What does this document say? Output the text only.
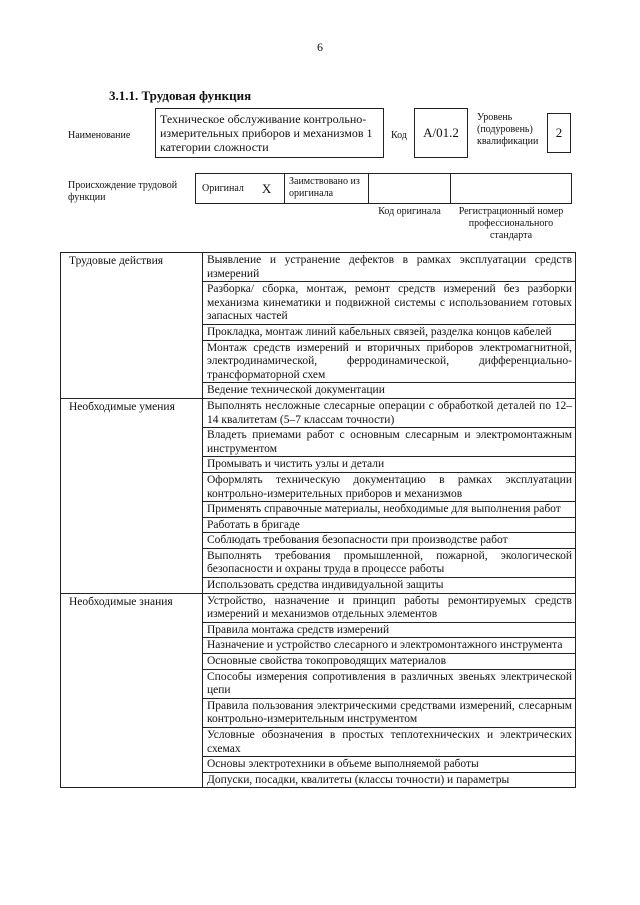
6
3.1.1. Трудовая функция
Наименование
Техническое обслуживание контрольно-измерительных приборов и механизмов 1 категории сложности
Код	А/01.2
Уровень (подуровень) квалификации
2
Происхождение трудовой функции
Оригинал X	Заимствовано из оригинала
Код оригинала	Регистрационный номер профессионального стандарта
Трудовые действия	Выявление и устранение дефектов в рамках эксплуатации средств измерений
	Разборка/ сборка, монтаж, ремонт средств измерений без разборки механизма кинематики и подвижной системы с использованием готовых запасных частей
	Прокладка, монтаж линий кабельных связей, разделка концов кабелей
	Монтаж средств измерений и вторичных приборов электромагнитной, электродинамической, ферродинамической, дифференциально-трансформаторной схем
	Ведение технической документации
Необходимые умения	Выполнять несложные слесарные операции с обработкой деталей по 12–14 квалитетам (5–7 классам точности)
	Владеть приемами работ с основным слесарным и электромонтажным инструментом
	Промывать и чистить узлы и детали
	Оформлять техническую документацию в рамках эксплуатации контрольно-измерительных приборов и механизмов
	Применять справочные материалы, необходимые для выполнения работ
	Работать в бригаде
	Соблюдать требования безопасности при производстве работ
	Выполнять требования промышленной, пожарной, экологической безопасности и охраны труда в процессе работы
	Использовать средства индивидуальной защиты
Необходимые знания	Устройство, назначение и принцип работы ремонтируемых средств измерений и механизмов отдельных элементов
	Правила монтажа средств измерений
	Назначение и устройство слесарного и электромонтажного инструмента
	Основные свойства токопроводящих материалов
	Способы измерения сопротивления в различных звеньях электрической цепи
	Правила пользования электрическими средствами измерений, слесарным контрольно-измерительным инструментом
	Условные обозначения в простых теплотехнических и электрических схемах
	Основы электротехники в объеме выполняемой работы
	Допуски, посадки, квалитеты (классы точности) и параметры
